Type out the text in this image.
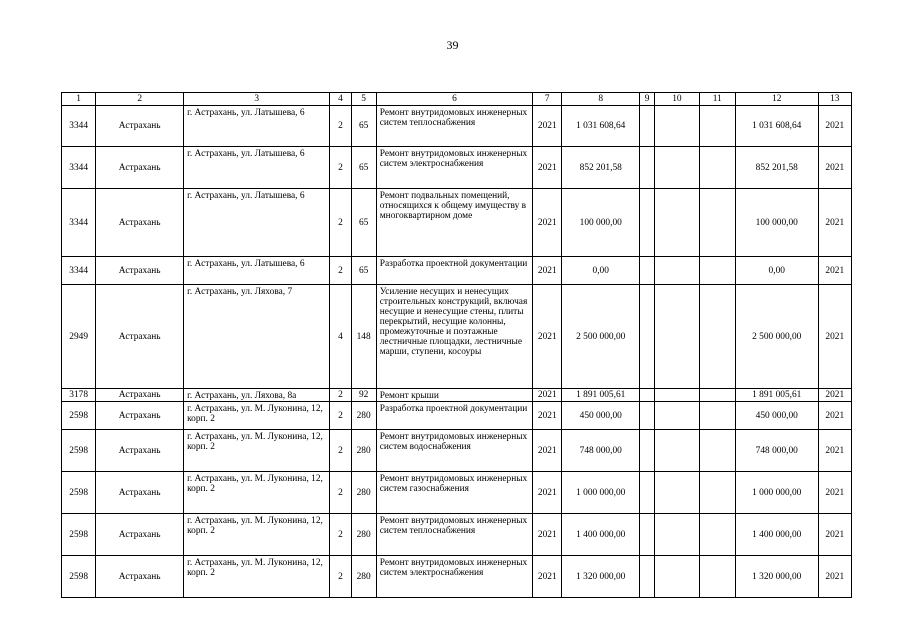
39
1	2	3	4	5	6	7	8	9	10	11	12	13
3344	Астрахань	г. Астрахань, ул. Латышева, 6	2	65	Ремонт внутридомовых инженерных систем теплоснабжения	2021	1 031 608,64				1 031 608,64	2021
3344	Астрахань	г. Астрахань, ул. Латышева, 6	2	65	Ремонт внутридомовых инженерных систем электроснабжения	2021	852 201,58				852 201,58	2021
3344	Астрахань	г. Астрахань, ул. Латышева, 6	2	65	Ремонт подвальных помещений, относящихся к общему имуществу в многоквартирном доме	2021	100 000,00				100 000,00	2021
3344	Астрахань	г. Астрахань, ул. Латышева, 6	2	65	Разработка проектной документации	2021	0,00				0,00	2021
2949	Астрахань	г. Астрахань, ул. Ляхова, 7	4	148	Усиление несущих и ненесущих строительных конструкций, включая несущие и ненесущие стены, плиты перекрытий, несущие колонны, промежуточные и поэтажные лестничные площадки, лестничные марши, ступени, косоуры	2021	2 500 000,00				2 500 000,00	2021
3178	Астрахань	г. Астрахань, ул. Ляхова, 8а	2	92	Ремонт крыши	2021	1 891 005,61				1 891 005,61	2021
2598	Астрахань	г. Астрахань, ул. М. Луконина, 12, корп. 2	2	280	Разработка проектной документации	2021	450 000,00				450 000,00	2021
2598	Астрахань	г. Астрахань, ул. М. Луконина, 12, корп. 2	2	280	Ремонт внутридомовых инженерных систем водоснабжения	2021	748 000,00				748 000,00	2021
2598	Астрахань	г. Астрахань, ул. М. Луконина, 12, корп. 2	2	280	Ремонт внутридомовых инженерных систем газоснабжения	2021	1 000 000,00				1 000 000,00	2021
2598	Астрахань	г. Астрахань, ул. М. Луконина, 12, корп. 2	2	280	Ремонт внутридомовых инженерных систем теплоснабжения	2021	1 400 000,00				1 400 000,00	2021
2598	Астрахань	г. Астрахань, ул. М. Луконина, 12, корп. 2	2	280	Ремонт внутридомовых инженерных систем электроснабжения	2021	1 320 000,00				1 320 000,00	2021
